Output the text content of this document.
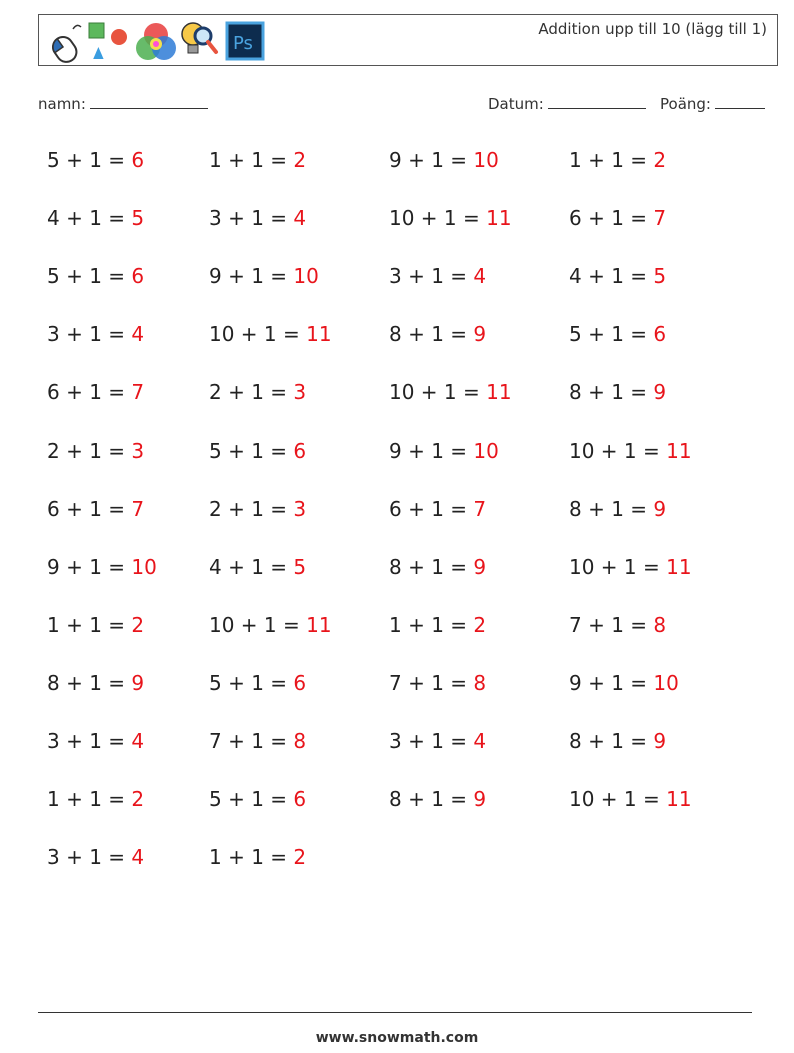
Ps
Addition upp till 10 (lägg till 1)
namn:	Datum:	Poäng:
5 + 1 = 6	1 + 1 = 2	9 + 1 = 10	1 + 1 = 2
4 + 1 = 5	3 + 1 = 4	10 + 1 = 11	6 + 1 = 7
5 + 1 = 6	9 + 1 = 10	3 + 1 = 4	4 + 1 = 5
3 + 1 = 4	10 + 1 = 11	8 + 1 = 9	5 + 1 = 6
6 + 1 = 7	2 + 1 = 3	10 + 1 = 11	8 + 1 = 9
2 + 1 = 3	5 + 1 = 6	9 + 1 = 10	10 + 1 = 11
6 + 1 = 7	2 + 1 = 3	6 + 1 = 7	8 + 1 = 9
9 + 1 = 10	4 + 1 = 5	8 + 1 = 9	10 + 1 = 11
1 + 1 = 2	10 + 1 = 11	1 + 1 = 2	7 + 1 = 8
8 + 1 = 9	5 + 1 = 6	7 + 1 = 8	9 + 1 = 10
3 + 1 = 4	7 + 1 = 8	3 + 1 = 4	8 + 1 = 9
1 + 1 = 2	5 + 1 = 6	8 + 1 = 9	10 + 1 = 11
3 + 1 = 4	1 + 1 = 2
www.snowmath.com
